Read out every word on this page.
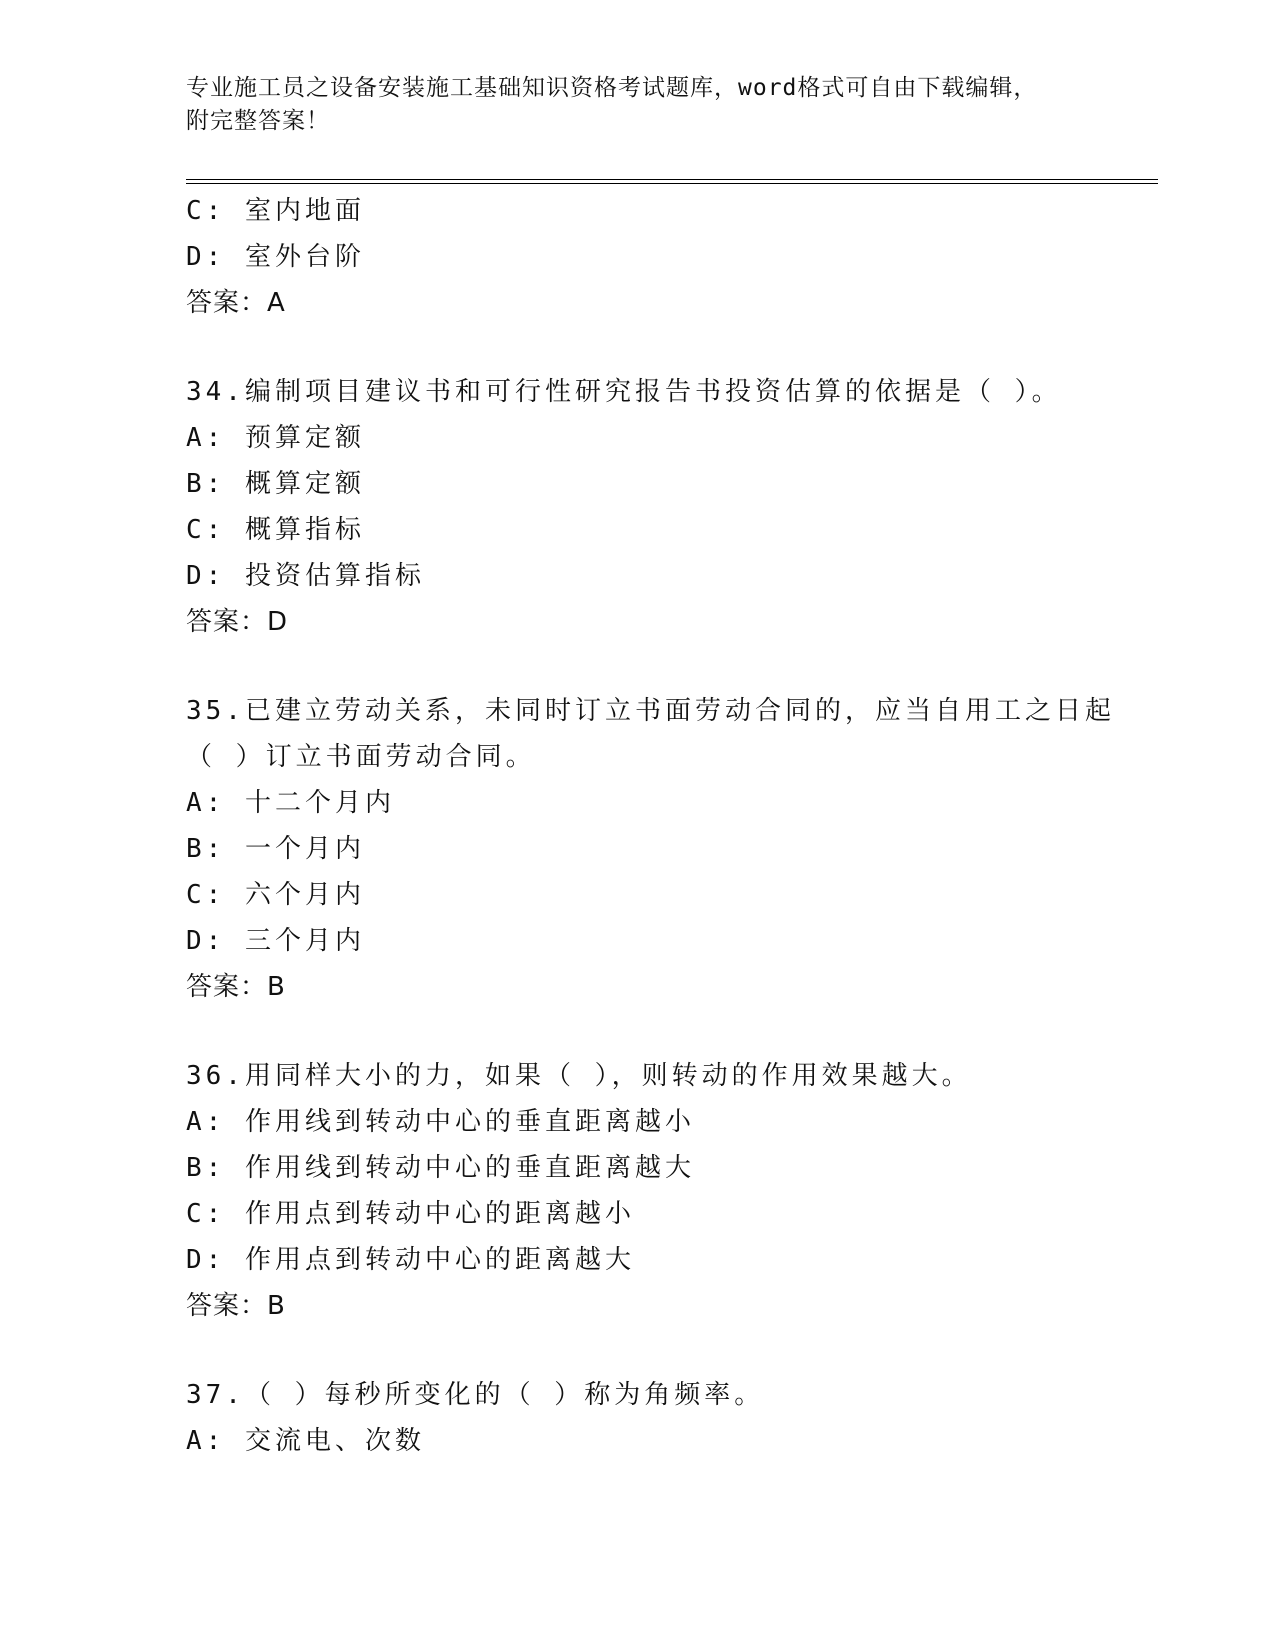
专业施工员之设备安装施工基础知识资格考试题库，word格式可自由下载编辑，
附完整答案！
C: 室内地面
D: 室外台阶
答案：A
34.编制项目建议书和可行性研究报告书投资估算的依据是（ ）。
A: 预算定额
B: 概算定额
C: 概算指标
D: 投资估算指标
答案：D
35.已建立劳动关系，未同时订立书面劳动合同的，应当自用工之日起
（ ）订立书面劳动合同。
A: 十二个月内
B: 一个月内
C: 六个月内
D: 三个月内
答案：B
36.用同样大小的力，如果（ ），则转动的作用效果越大。
A: 作用线到转动中心的垂直距离越小
B: 作用线到转动中心的垂直距离越大
C: 作用点到转动中心的距离越小
D: 作用点到转动中心的距离越大
答案：B
37.（ ）每秒所变化的（ ）称为角频率。
A: 交流电、次数
